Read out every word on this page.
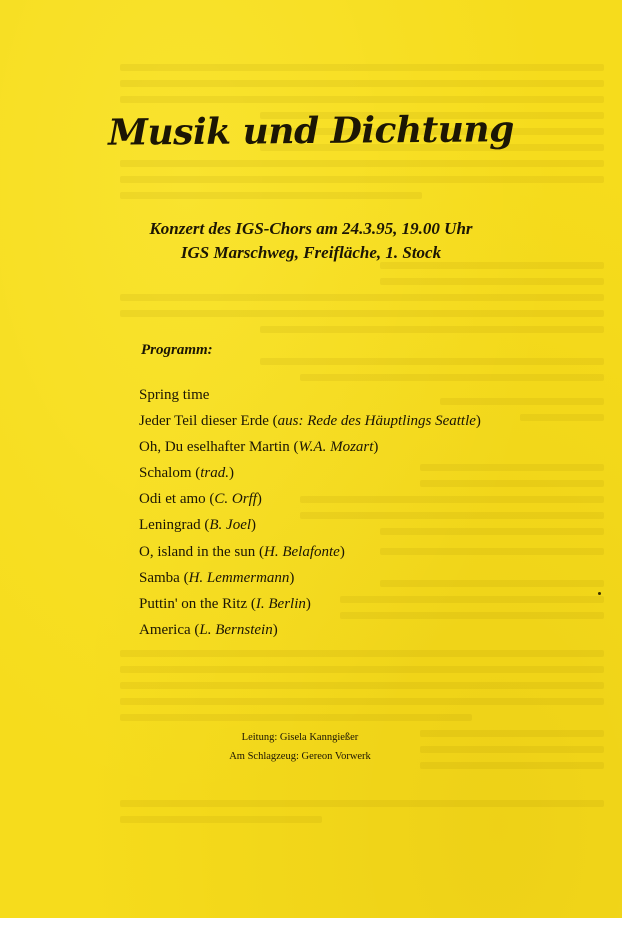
Musik und Dichtung
Konzert des IGS-Chors am 24.3.95, 19.00 Uhr
IGS Marschweg, Freifläche, 1. Stock
Programm:
Spring time
Jeder Teil dieser Erde (aus: Rede des Häuptlings Seattle)
Oh, Du eselhafter Martin (W.A. Mozart)
Schalom (trad.)
Odi et amo (C. Orff)
Leningrad (B. Joel)
O, island in the sun (H. Belafonte)
Samba (H. Lemmermann)
Puttin' on the Ritz (I. Berlin)
America (L. Bernstein)
Leitung: Gisela Kanngießer
Am Schlagzeug: Gereon Vorwerk
